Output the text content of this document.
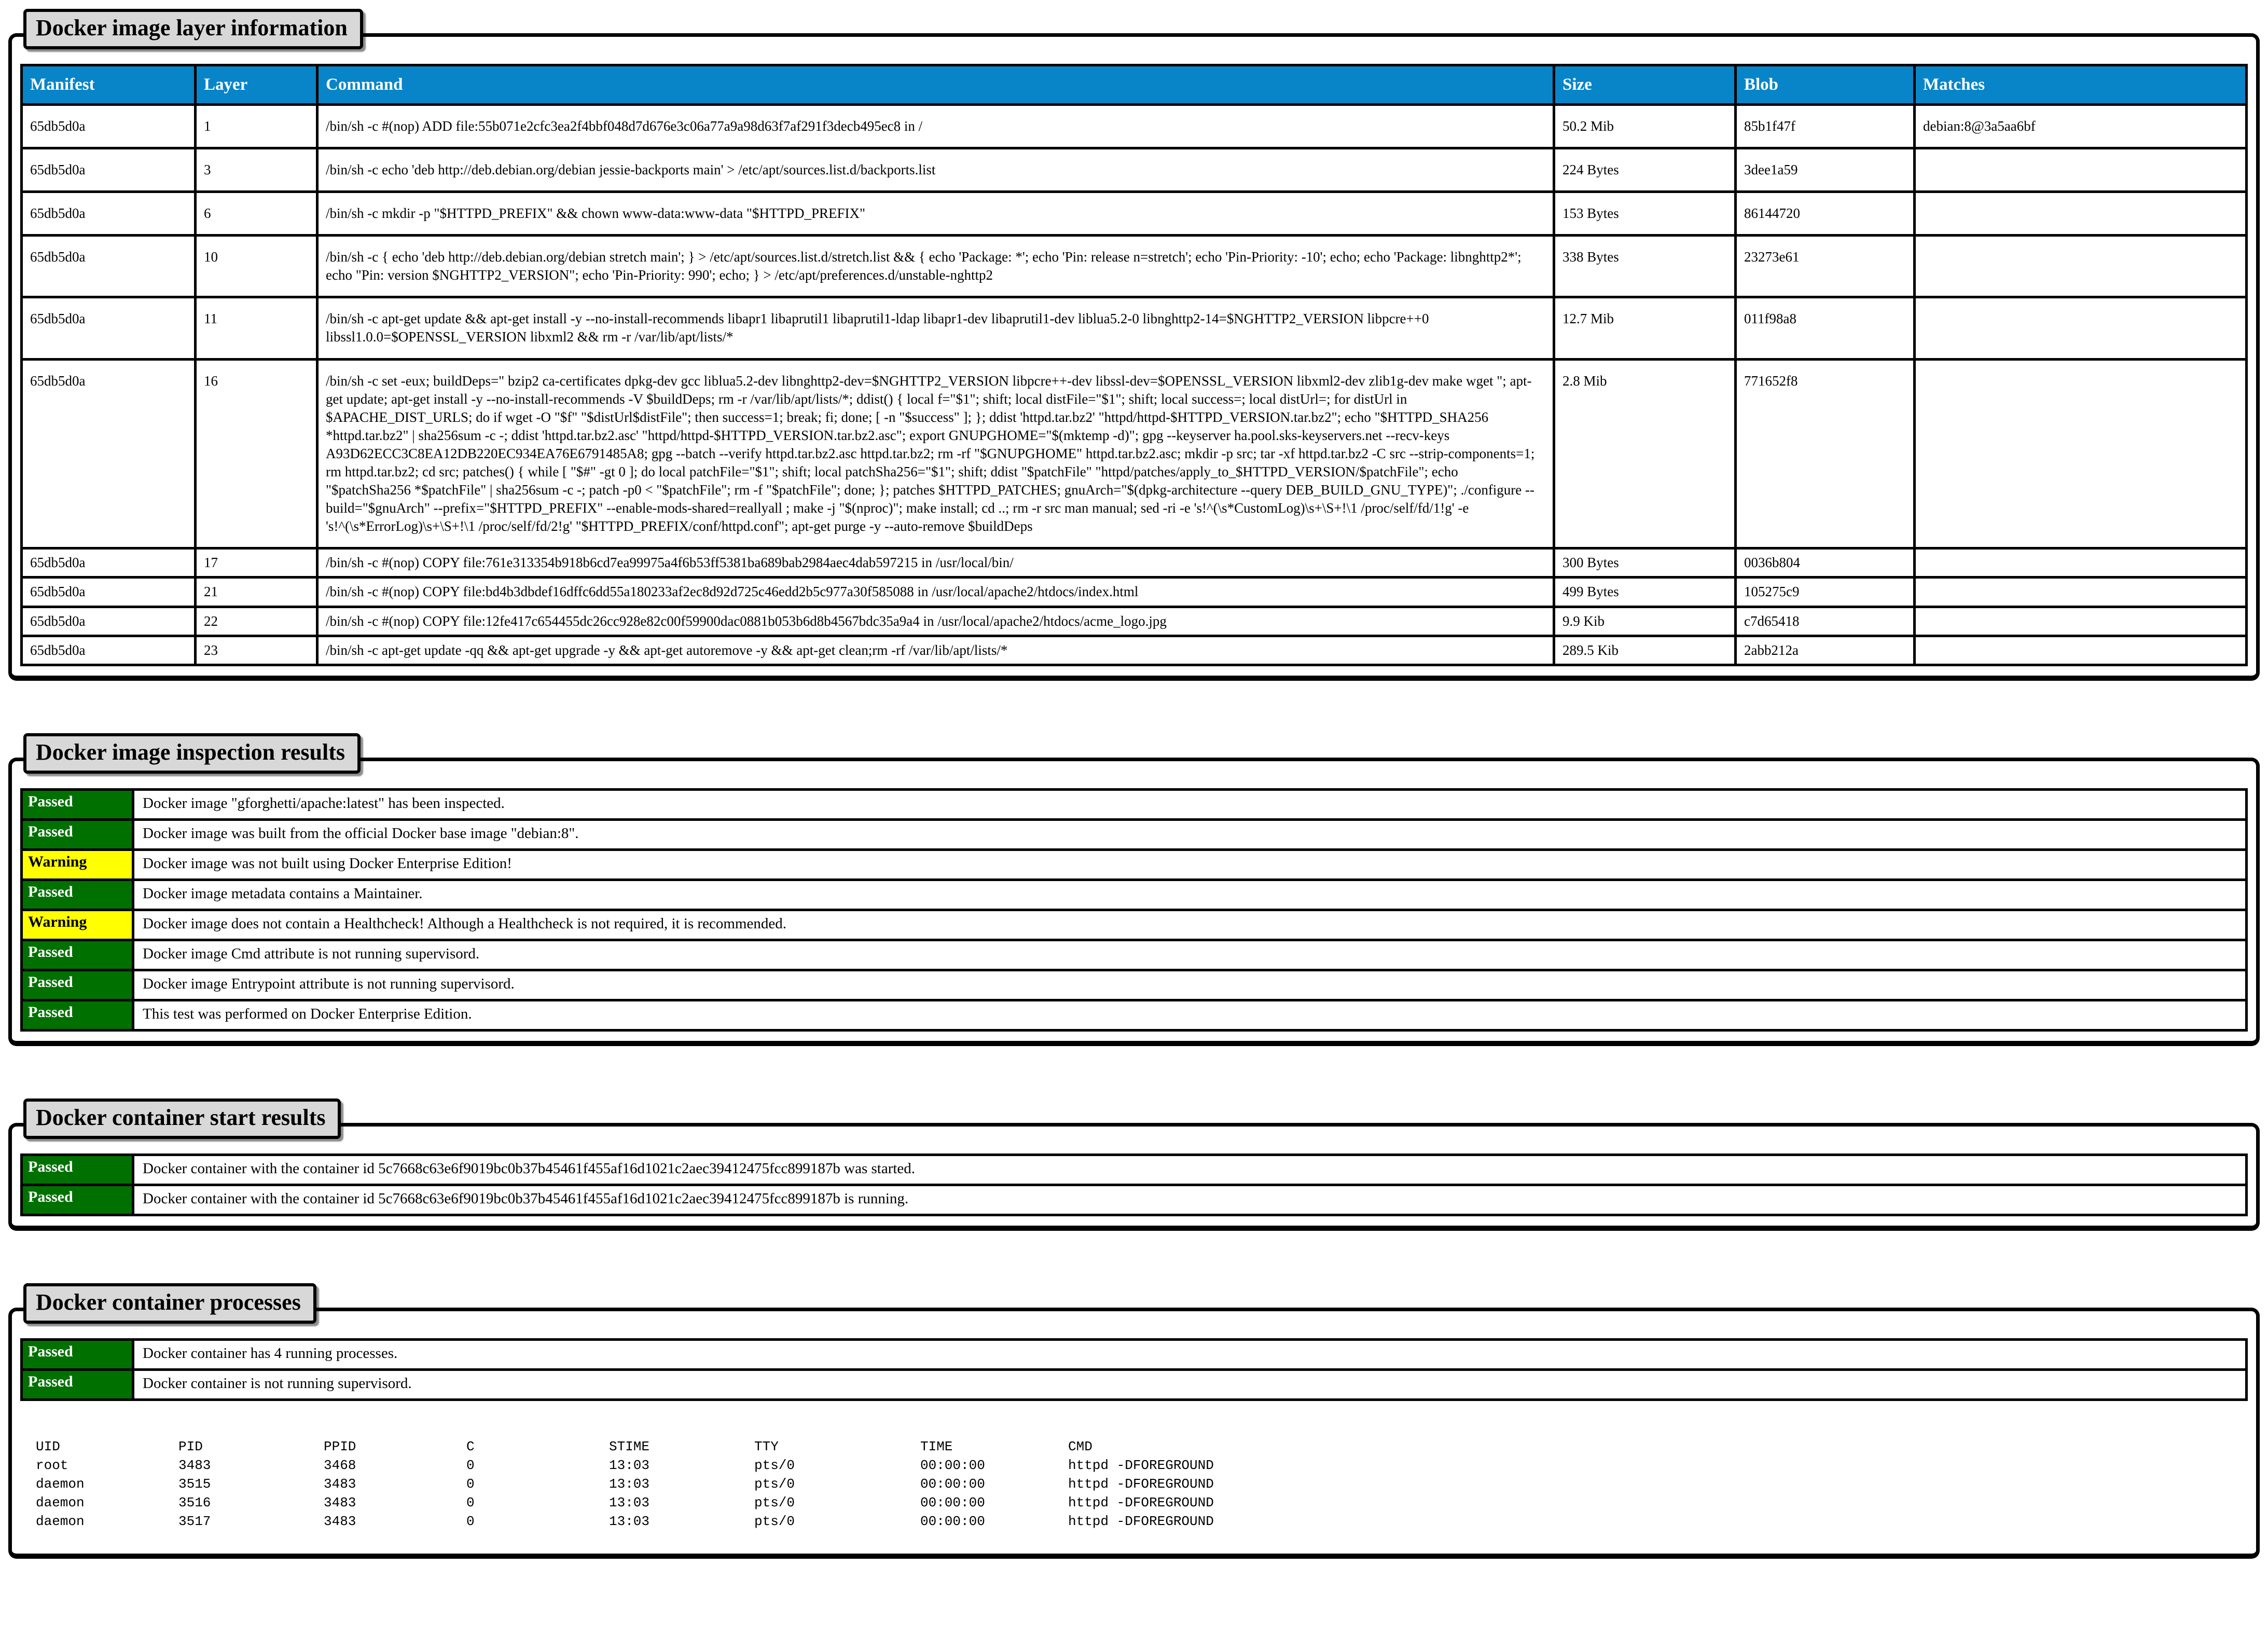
Docker image layer information
Manifest	Layer	Command	Size	Blob	Matches
65db5d0a	1	/bin/sh -c #(nop) ADD file:55b071e2cfc3ea2f4bbf048d7d676e3c06a77a9a98d63f7af291f3decb495ec8 in /	50.2 Mib	85b1f47f	debian:8@3a5aa6bf
65db5d0a	3	/bin/sh -c echo 'deb http://deb.debian.org/debian jessie-backports main' > /etc/apt/sources.list.d/backports.list	224 Bytes	3dee1a59	
65db5d0a	6	/bin/sh -c mkdir -p "$HTTPD_PREFIX" && chown www-data:www-data "$HTTPD_PREFIX"	153 Bytes	86144720	
65db5d0a	10	/bin/sh -c { echo 'deb http://deb.debian.org/debian stretch main'; } > /etc/apt/sources.list.d/stretch.list && { echo 'Package: *'; echo 'Pin: release n=stretch'; echo 'Pin-Priority: -10'; echo; echo 'Package: libnghttp2*'; echo "Pin: version $NGHTTP2_VERSION"; echo 'Pin-Priority: 990'; echo; } > /etc/apt/preferences.d/unstable-nghttp2	338 Bytes	23273e61	
65db5d0a	11	/bin/sh -c apt-get update && apt-get install -y --no-install-recommends libapr1 libaprutil1 libaprutil1-ldap libapr1-dev libaprutil1-dev liblua5.2-0 libnghttp2-14=$NGHTTP2_VERSION libpcre++0 libssl1.0.0=$OPENSSL_VERSION libxml2 && rm -r /var/lib/apt/lists/*	12.7 Mib	011f98a8	
65db5d0a	16	/bin/sh -c set -eux; buildDeps=" bzip2 ca-certificates dpkg-dev gcc liblua5.2-dev libnghttp2-dev=$NGHTTP2_VERSION libpcre++-dev libssl-dev=$OPENSSL_VERSION libxml2-dev zlib1g-dev make wget "; apt-get update; apt-get install -y --no-install-recommends -V $buildDeps; rm -r /var/lib/apt/lists/*; ddist() { local f="$1"; shift; local distFile="$1"; shift; local success=; local distUrl=; for distUrl in $APACHE_DIST_URLS; do if wget -O "$f" "$distUrl$distFile"; then success=1; break; fi; done; [ -n "$success" ]; }; ddist 'httpd.tar.bz2' "httpd/httpd-$HTTPD_VERSION.tar.bz2"; echo "$HTTPD_SHA256 *httpd.tar.bz2" | sha256sum -c -; ddist 'httpd.tar.bz2.asc' "httpd/httpd-$HTTPD_VERSION.tar.bz2.asc"; export GNUPGHOME="$(mktemp -d)"; gpg --keyserver ha.pool.sks-keyservers.net --recv-keys A93D62ECC3C8EA12DB220EC934EA76E6791485A8; gpg --batch --verify httpd.tar.bz2.asc httpd.tar.bz2; rm -rf "$GNUPGHOME" httpd.tar.bz2.asc; mkdir -p src; tar -xf httpd.tar.bz2 -C src --strip-components=1; rm httpd.tar.bz2; cd src; patches() { while [ "$#" -gt 0 ]; do local patchFile="$1"; shift; local patchSha256="$1"; shift; ddist "$patchFile" "httpd/patches/apply_to_$HTTPD_VERSION/$patchFile"; echo "$patchSha256 *$patchFile" | sha256sum -c -; patch -p0 < "$patchFile"; rm -f "$patchFile"; done; }; patches $HTTPD_PATCHES; gnuArch="$(dpkg-architecture --query DEB_BUILD_GNU_TYPE)"; ./configure --build="$gnuArch" --prefix="$HTTPD_PREFIX" --enable-mods-shared=reallyall ; make -j "$(nproc)"; make install; cd ..; rm -r src man manual; sed -ri -e 's!^(\s*CustomLog)\s+\S+!\1 /proc/self/fd/1!g' -e 's!^(\s*ErrorLog)\s+\S+!\1 /proc/self/fd/2!g' "$HTTPD_PREFIX/conf/httpd.conf"; apt-get purge -y --auto-remove $buildDeps	2.8 Mib	771652f8	
65db5d0a	17	/bin/sh -c #(nop) COPY file:761e313354b918b6cd7ea99975a4f6b53ff5381ba689bab2984aec4dab597215 in /usr/local/bin/	300 Bytes	0036b804	
65db5d0a	21	/bin/sh -c #(nop) COPY file:bd4b3dbdef16dffc6dd55a180233af2ec8d92d725c46edd2b5c977a30f585088 in /usr/local/apache2/htdocs/index.html	499 Bytes	105275c9	
65db5d0a	22	/bin/sh -c #(nop) COPY file:12fe417c654455dc26cc928e82c00f59900dac0881b053b6d8b4567bdc35a9a4 in /usr/local/apache2/htdocs/acme_logo.jpg	9.9 Kib	c7d65418	
65db5d0a	23	/bin/sh -c apt-get update -qq && apt-get upgrade -y && apt-get autoremove -y && apt-get clean;rm -rf /var/lib/apt/lists/*	289.5 Kib	2abb212a	
Docker image inspection results
Passed	Docker image "gforghetti/apache:latest" has been inspected.
Passed	Docker image was built from the official Docker base image "debian:8".
Warning	Docker image was not built using Docker Enterprise Edition!
Passed	Docker image metadata contains a Maintainer.
Warning	Docker image does not contain a Healthcheck! Although a Healthcheck is not required, it is recommended.
Passed	Docker image Cmd attribute is not running supervisord.
Passed	Docker image Entrypoint attribute is not running supervisord.
Passed	This test was performed on Docker Enterprise Edition.
Docker container start results
Passed	Docker container with the container id 5c7668c63e6f9019bc0b37b45461f455af16d1021c2aec39412475fcc899187b was started.
Passed	Docker container with the container id 5c7668c63e6f9019bc0b37b45461f455af16d1021c2aec39412475fcc899187b is running.
Docker container processes
Passed	Docker container has 4 running processes.
Passed	Docker container is not running supervisord.
UID	PID	PPID	C	STIME	TTY	TIME	CMD
root	3483	3468	0	13:03	pts/0	00:00:00	httpd -DFOREGROUND
daemon	3515	3483	0	13:03	pts/0	00:00:00	httpd -DFOREGROUND
daemon	3516	3483	0	13:03	pts/0	00:00:00	httpd -DFOREGROUND
daemon	3517	3483	0	13:03	pts/0	00:00:00	httpd -DFOREGROUND
